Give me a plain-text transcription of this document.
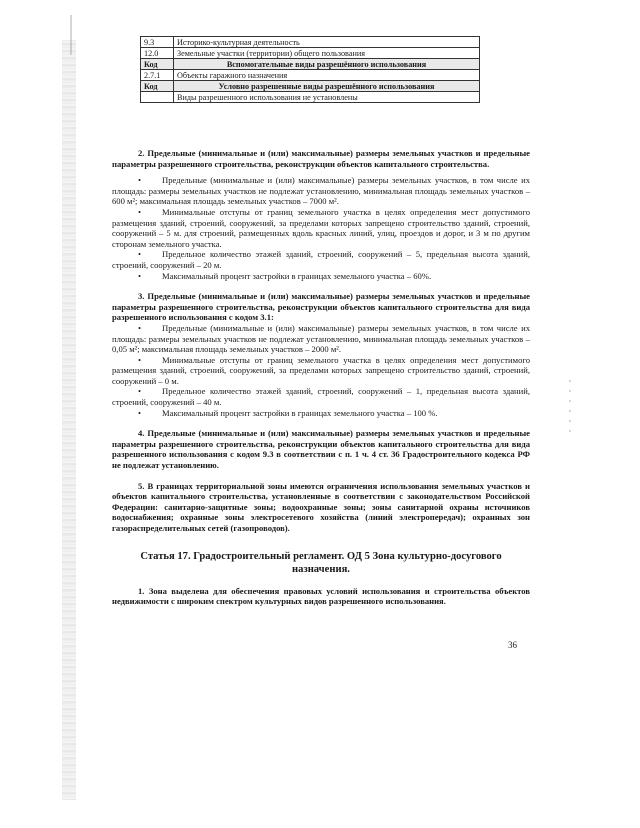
9.3	Историко-культурная деятельность
12.0	Земельные участки (территории) общего пользования
Код	Вспомогательные виды разрешённого использования
2.7.1	Объекты гаражного назначения
Код	Условно разрешенные виды разрешённого использования
	Виды разрешенного использования не установлены

2. Предельные (минимальные и (или) максимальные) размеры земельных участков и предельные параметры разрешенного строительства, реконструкции объектов капитального строительства.

• Предельные (минимальные и (или) максимальные) размеры земельных участков, в том числе их площадь: размеры земельных участков не подлежат установлению, минимальная площадь земельных участков – 600 м²; максимальная площадь земельных участков – 7000 м².

• Минимальные отступы от границ земельного участка в целях определения мест допустимого размещения зданий, строений, сооружений, за пределами которых запрещено строительство зданий, строений, сооружений – 5 м. для строений, размещенных вдоль красных линий, улиц, проездов и дорог, и 3 м по другим сторонам земельного участка.

• Предельное количество этажей зданий, строений, сооружений – 5, предельная высота зданий, строений, сооружений – 20 м.

• Максимальный процент застройки в границах земельного участка – 60%.

3. Предельные (минимальные и (или) максимальные) размеры земельных участков и предельные параметры разрешенного строительства, реконструкции объектов капитального строительства для вида разрешенного использования с кодом 3.1:

• Предельные (минимальные и (или) максимальные) размеры земельных участков, в том числе их площадь: размеры земельных участков не подлежат установлению, минимальная площадь земельных участков – 0,05 м²; максимальная площадь земельных участков – 2000 м².

• Минимальные отступы от границ земельного участка в целях определения мест допустимого размещения зданий, строений, сооружений, за пределами которых запрещено строительство зданий, строений, сооружений – 0 м.

• Предельное количество этажей зданий, строений, сооружений – 1, предельная высота зданий, строений, сооружений – 40 м.

• Максимальный процент застройки в границах земельного участка – 100 %.

4. Предельные (минимальные и (или) максимальные) размеры земельных участков и предельные параметры разрешенного строительства, реконструкции объектов капитального строительства для вида разрешенного использования с кодом 9.3 в соответствии с п. 1 ч. 4 ст. 36 Градостроительного кодекса РФ не подлежат установлению.

5. В границах территориальной зоны имеются ограничения использования земельных участков и объектов капитального строительства, установленные в соответствии с законодательством Российской Федерации: санитарно-защитные зоны; водоохранные зоны; зоны санитарной охраны источников водоснабжения; охранные зоны электросетевого хозяйства (линий электропередач); охранных зон газораспределительных сетей (газопроводов).

Статья 17. Градостроительный регламент. ОД 5 Зона культурно-досугового
назначения.

1. Зона выделена для обеспечения правовых условий использования и строительства объектов недвижимости с широким спектром культурных видов разрешенного использования.

36
